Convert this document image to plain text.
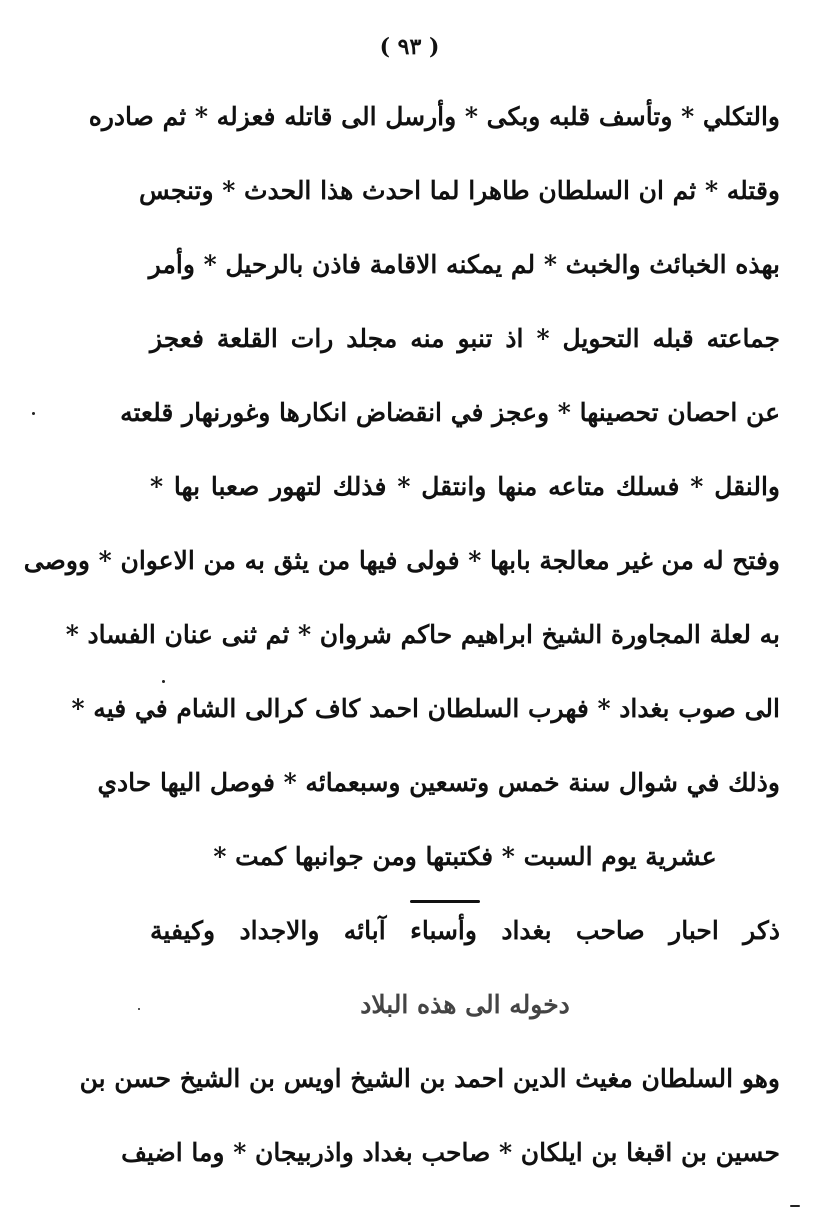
( ٩٣ )
والتكلي * وتأسف قلبه وبكى * وأرسل الى قاتله فعزله * ثم صادره
وقتله * ثم ان السلطان طاهرا لما احدث هذا الحدث * وتنجس
بهذه الخبائث والخبث * لم يمكنه الاقامة فاذن بالرحيل * وأمر
جماعته قبله التحويل * اذ تنبو منه مجلد رات القلعة فعجز
عن احصان تحصينها * وعجز في انقضاض انكارها وغورنهار قلعته
والنقل * فسلك متاعه منها وانتقل * فذلك لتهور صعبا بها *
وفتح له من غير معالجة بابها * فولى فيها من يثق به من الاعوان * ووصى
به لعلة المجاورة الشيخ ابراهيم حاكم شروان * ثم ثنى عنان الفساد *
الى صوب بغداد * فهرب السلطان احمد كاف كرالى الشام في فيه *
وذلك في شوال سنة خمس وتسعين وسبعمائه * فوصل اليها حادي
عشرية يوم السبت * فكتبتها ومن جوانبها كمت *
ذكر احبار صاحب بغداد وأسباء آبائه والاجداد وكيفية
دخوله الى هذه البلاد
وهو السلطان مغيث الدين احمد بن الشيخ اويس بن الشيخ حسن بن
حسين بن اقبغا بن ايلكان * صاحب بغداد واذربيجان * وما اضيف
